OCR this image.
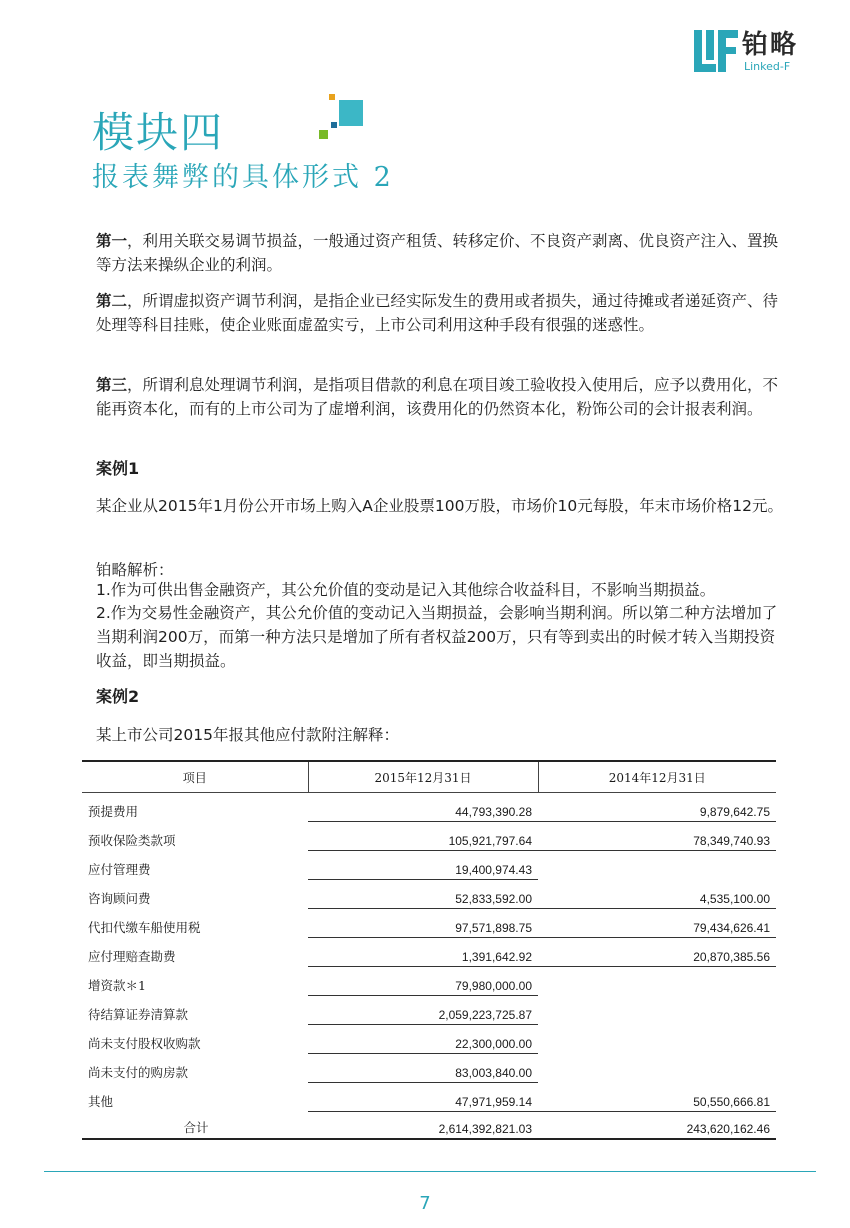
铂略
Linked-F
模块四
报表舞弊的具体形式 2

第一，利用关联交易调节损益，一般通过资产租赁、转移定价、不良资产剥离、优良资产注入、置换等方法来操纵企业的利润。

第二，所谓虚拟资产调节利润，是指企业已经实际发生的费用或者损失，通过待摊或者递延资产、待处理等科目挂账，使企业账面虚盈实亏，上市公司利用这种手段有很强的迷惑性。

第三，所谓利息处理调节利润，是指项目借款的利息在项目竣工验收投入使用后，应予以费用化，不能再资本化，而有的上市公司为了虚增利润，该费用化的仍然资本化，粉饰公司的会计报表利润。

案例1

某企业从2015年1月份公开市场上购入A企业股票100万股，市场价10元每股，年末市场价格12元。

铂略解析：

1.作为可供出售金融资产，其公允价值的变动是记入其他综合收益科目，不影响当期损益。

2.作为交易性金融资产，其公允价值的变动记入当期损益，会影响当期利润。所以第二种方法增加了当期利润200万，而第一种方法只是增加了所有者权益200万，只有等到卖出的时候才转入当期投资收益，即当期损益。

案例2

某上市公司2015年报其他应付款附注解释：

项目	2015年12月31日	2014年12月31日
预提费用	44,793,390.28	9,879,642.75
预收保险类款项	105,921,797.64	78,349,740.93
应付管理费	19,400,974.43	
咨询顾问费	52,833,592.00	4,535,100.00
代扣代缴车船使用税	97,571,898.75	79,434,626.41
应付理赔查勘费	1,391,642.92	20,870,385.56
增资款＊1	79,980,000.00	
待结算证券清算款	2,059,223,725.87	
尚未支付股权收购款	22,300,000.00	
尚未支付的购房款	83,003,840.00	
其他	47,971,959.14	50,550,666.81
合计	2,614,392,821.03	243,620,162.46
7
